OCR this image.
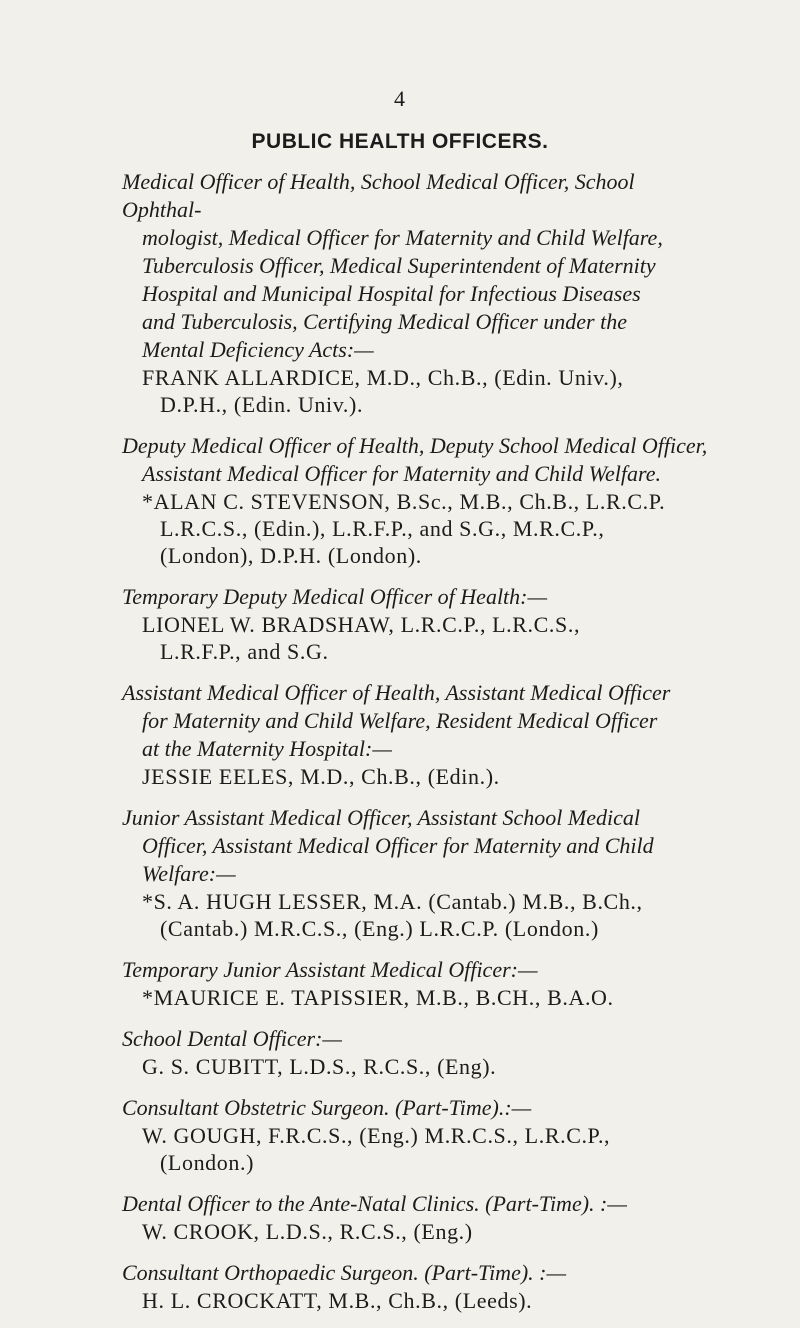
4
PUBLIC HEALTH OFFICERS.
Medical Officer of Health, School Medical Officer, School Ophthal-
mologist, Medical Officer for Maternity and Child Welfare,
Tuberculosis Officer, Medical Superintendent of Maternity
Hospital and Municipal Hospital for Infectious Diseases
and Tuberculosis, Certifying Medical Officer under the
Mental Deficiency Acts:—
FRANK ALLARDICE, M.D., Ch.B., (Edin. Univ.),
D.P.H., (Edin. Univ.).
Deputy Medical Officer of Health, Deputy School Medical Officer,
Assistant Medical Officer for Maternity and Child Welfare.
*ALAN C. STEVENSON, B.Sc., M.B., Ch.B., L.R.C.P.
L.R.C.S., (Edin.), L.R.F.P., and S.G., M.R.C.P.,
(London), D.P.H. (London).
Temporary Deputy Medical Officer of Health:—
LIONEL W. BRADSHAW, L.R.C.P., L.R.C.S.,
L.R.F.P., and S.G.
Assistant Medical Officer of Health, Assistant Medical Officer
for Maternity and Child Welfare, Resident Medical Officer
at the Maternity Hospital:—
JESSIE EELES, M.D., Ch.B., (Edin.).
Junior Assistant Medical Officer, Assistant School Medical
Officer, Assistant Medical Officer for Maternity and Child
Welfare:—
*S. A. HUGH LESSER, M.A. (Cantab.) M.B., B.Ch.,
(Cantab.) M.R.C.S., (Eng.) L.R.C.P. (London.)
Temporary Junior Assistant Medical Officer:—
*MAURICE E. TAPISSIER, M.B., B.CH., B.A.O.
School Dental Officer:—
G. S. CUBITT, L.D.S., R.C.S., (Eng).
Consultant Obstetric Surgeon. (Part-Time).:—
W. GOUGH, F.R.C.S., (Eng.) M.R.C.S., L.R.C.P.,
(London.)
Dental Officer to the Ante-Natal Clinics. (Part-Time). :—
W. CROOK, L.D.S., R.C.S., (Eng.)
Consultant Orthopaedic Surgeon. (Part-Time). :—
H. L. CROCKATT, M.B., Ch.B., (Leeds).
